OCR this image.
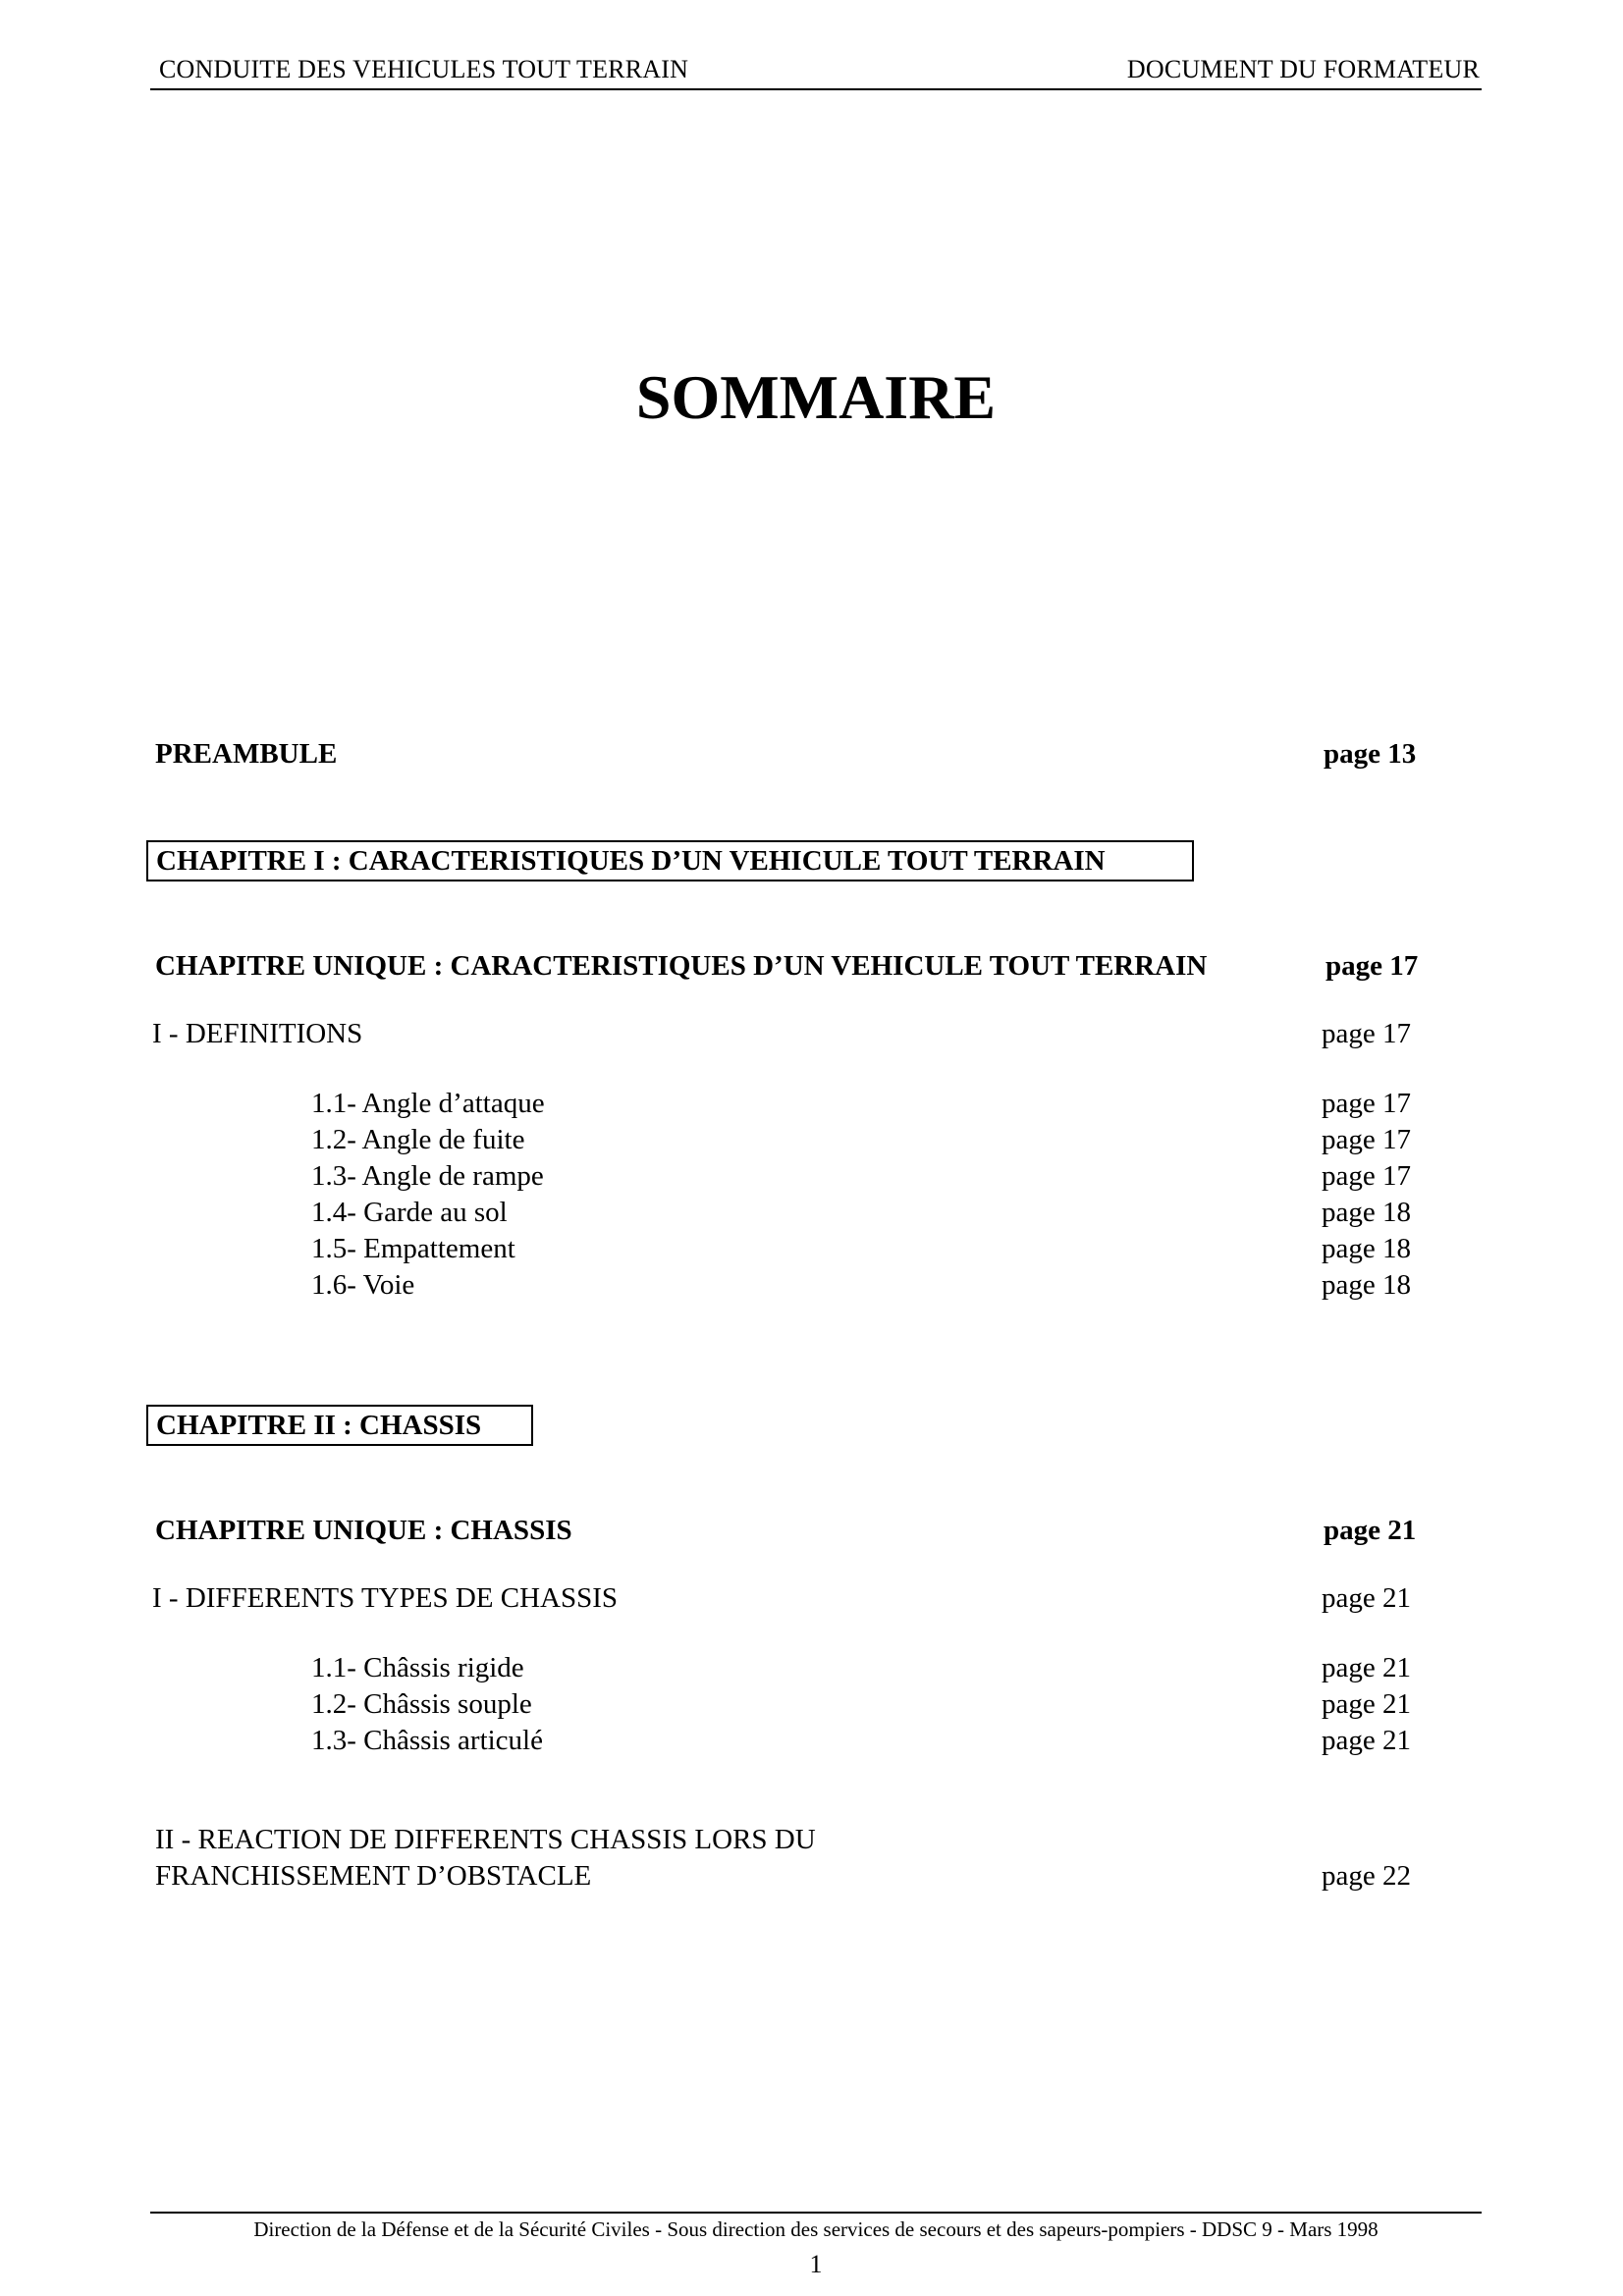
CONDUITE DES VEHICULES TOUT TERRAIN	DOCUMENT DU FORMATEUR
SOMMAIRE
PREAMBULE	page 13
CHAPITRE I : CARACTERISTIQUES D’UN VEHICULE TOUT TERRAIN
CHAPITRE UNIQUE : CARACTERISTIQUES D’UN VEHICULE TOUT TERRAIN	page 17
I - DEFINITIONS	page 17
1.1- Angle d’attaque	page 17
1.2- Angle de fuite	page 17
1.3- Angle de rampe	page 17
1.4- Garde au sol	page 18
1.5- Empattement	page 18
1.6- Voie	page 18
CHAPITRE II : CHASSIS
CHAPITRE UNIQUE : CHASSIS	page 21
I - DIFFERENTS TYPES DE CHASSIS	page 21
1.1- Châssis rigide	page 21
1.2- Châssis souple	page 21
1.3- Châssis articulé	page 21
II - REACTION DE DIFFERENTS CHASSIS LORS DU
FRANCHISSEMENT D’OBSTACLE	page 22
Direction de la Défense et de la Sécurité Civiles - Sous direction des services de secours et des sapeurs-pompiers - DDSC 9 - Mars 1998
1
